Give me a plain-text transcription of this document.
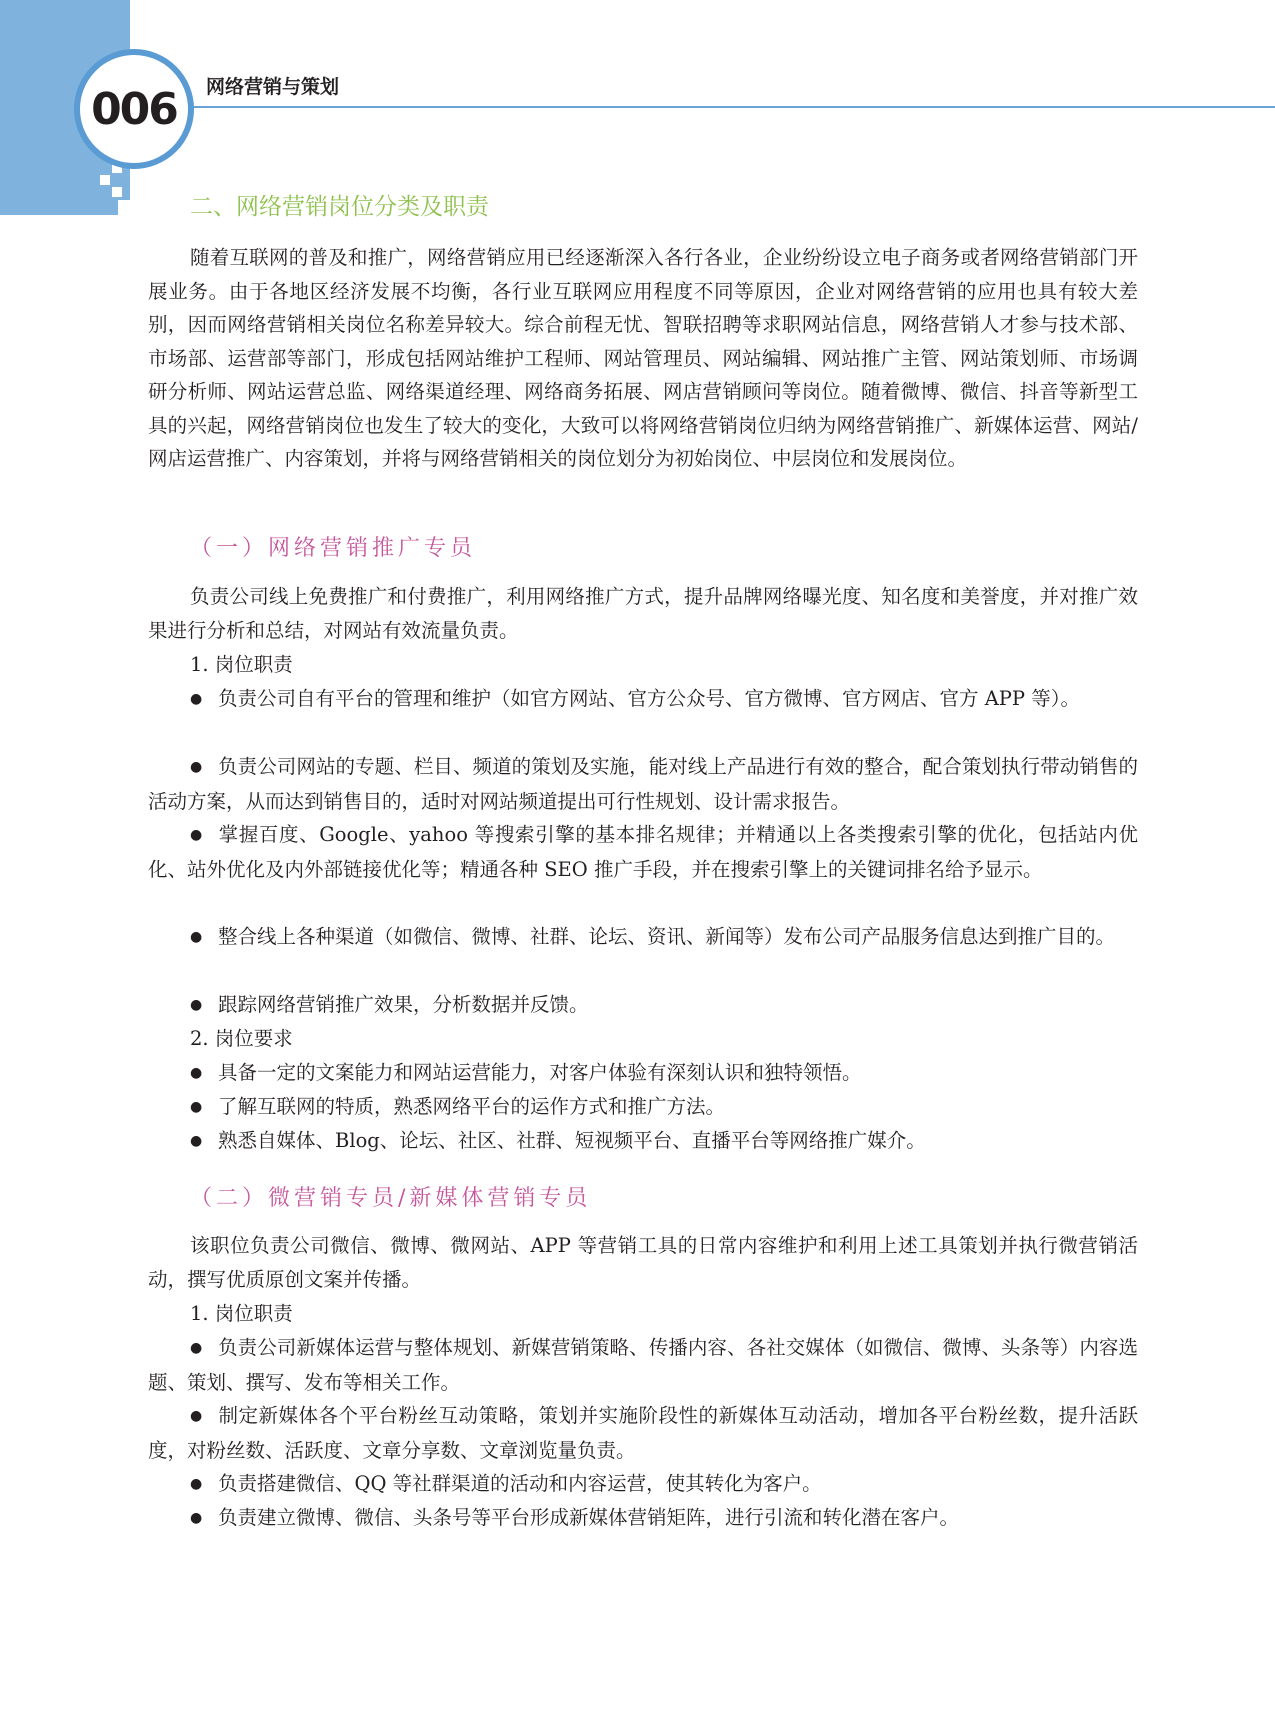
006 网络营销与策划
二、网络营销岗位分类及职责

随着互联网的普及和推广，网络营销应用已经逐渐深入各行各业，企业纷纷设立电子商务或者网络营销部门开展业务。由于各地区经济发展不均衡，各行业互联网应用程度不同等原因，企业对网络营销的应用也具有较大差别，因而网络营销相关岗位名称差异较大。综合前程无忧、智联招聘等求职网站信息，网络营销人才参与技术部、市场部、运营部等部门，形成包括网站维护工程师、网站管理员、网站编辑、网站推广主管、网站策划师、市场调研分析师、网站运营总监、网络渠道经理、网络商务拓展、网店营销顾问等岗位。随着微博、微信、抖音等新型工具的兴起，网络营销岗位也发生了较大的变化，大致可以将网络营销岗位归纳为网络营销推广、新媒体运营、网站/网店运营推广、内容策划，并将与网络营销相关的岗位划分为初始岗位、中层岗位和发展岗位。

（一）网络营销推广专员

负责公司线上免费推广和付费推广，利用网络推广方式，提升品牌网络曝光度、知名度和美誉度，并对推广效果进行分析和总结，对网站有效流量负责。

1. 岗位职责

● 负责公司自有平台的管理和维护（如官方网站、官方公众号、官方微博、官方网店、官方 APP 等）。

● 负责公司网站的专题、栏目、频道的策划及实施，能对线上产品进行有效的整合，配合策划执行带动销售的活动方案，从而达到销售目的，适时对网站频道提出可行性规划、设计需求报告。

● 掌握百度、Google、yahoo 等搜索引擎的基本排名规律；并精通以上各类搜索引擎的优化，包括站内优化、站外优化及内外部链接优化等；精通各种 SEO 推广手段，并在搜索引擎上的关键词排名给予显示。

● 整合线上各种渠道（如微信、微博、社群、论坛、资讯、新闻等）发布公司产品服务信息达到推广目的。

● 跟踪网络营销推广效果，分析数据并反馈。

2. 岗位要求

● 具备一定的文案能力和网站运营能力，对客户体验有深刻认识和独特领悟。

● 了解互联网的特质，熟悉网络平台的运作方式和推广方法。

● 熟悉自媒体、Blog、论坛、社区、社群、短视频平台、直播平台等网络推广媒介。

（二）微营销专员/新媒体营销专员

该职位负责公司微信、微博、微网站、APP 等营销工具的日常内容维护和利用上述工具策划并执行微营销活动，撰写优质原创文案并传播。

1. 岗位职责

● 负责公司新媒体运营与整体规划、新媒营销策略、传播内容、各社交媒体（如微信、微博、头条等）内容选题、策划、撰写、发布等相关工作。

● 制定新媒体各个平台粉丝互动策略，策划并实施阶段性的新媒体互动活动，增加各平台粉丝数，提升活跃度，对粉丝数、活跃度、文章分享数、文章浏览量负责。

● 负责搭建微信、QQ 等社群渠道的活动和内容运营，使其转化为客户。

● 负责建立微博、微信、头条号等平台形成新媒体营销矩阵，进行引流和转化潜在客户。
